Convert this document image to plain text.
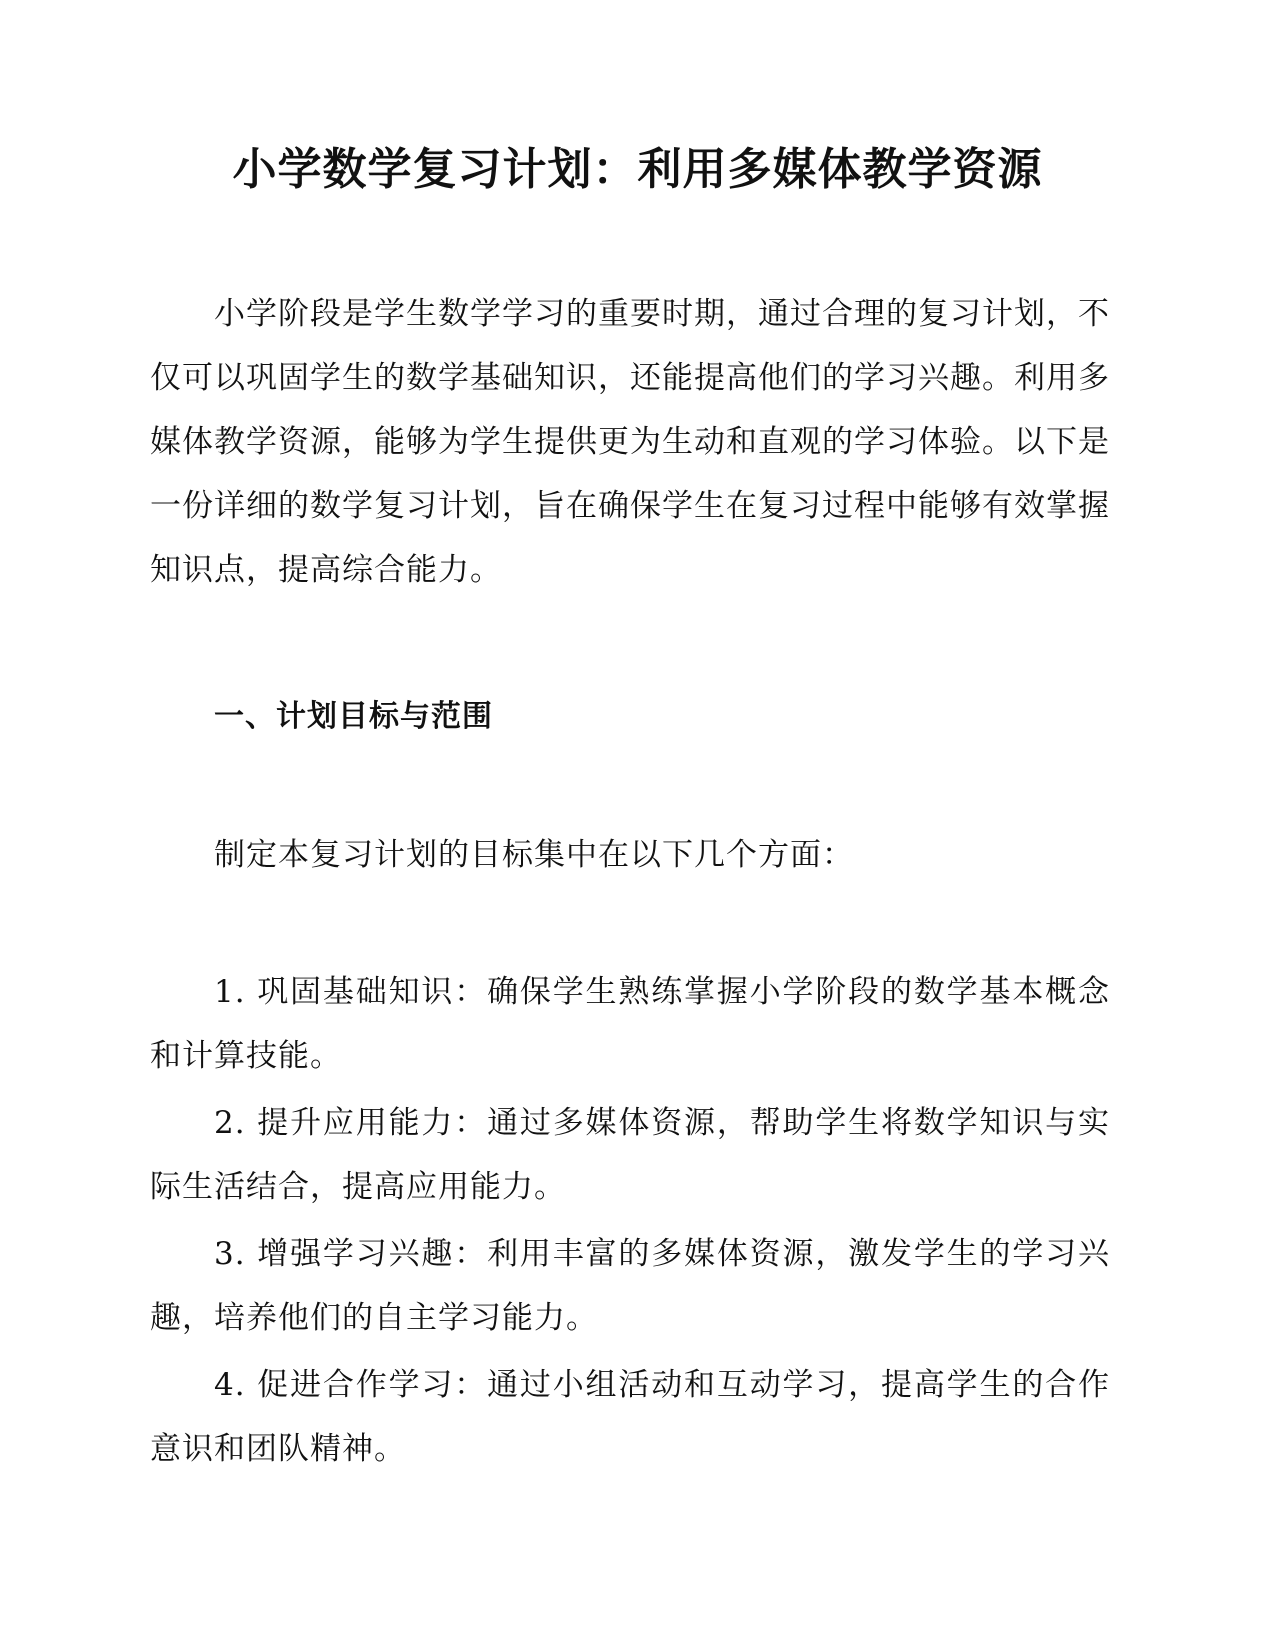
小学数学复习计划：利用多媒体教学资源

小学阶段是学生数学学习的重要时期，通过合理的复习计划，不仅可以巩固学生的数学基础知识，还能提高他们的学习兴趣。利用多媒体教学资源，能够为学生提供更为生动和直观的学习体验。以下是一份详细的数学复习计划，旨在确保学生在复习过程中能够有效掌握知识点，提高综合能力。

一、计划目标与范围

制定本复习计划的目标集中在以下几个方面：

1. 巩固基础知识：确保学生熟练掌握小学阶段的数学基本概念和计算技能。
2. 提升应用能力：通过多媒体资源，帮助学生将数学知识与实际生活结合，提高应用能力。
3. 增强学习兴趣：利用丰富的多媒体资源，激发学生的学习兴趣，培养他们的自主学习能力。
4. 促进合作学习：通过小组活动和互动学习，提高学生的合作意识和团队精神。
